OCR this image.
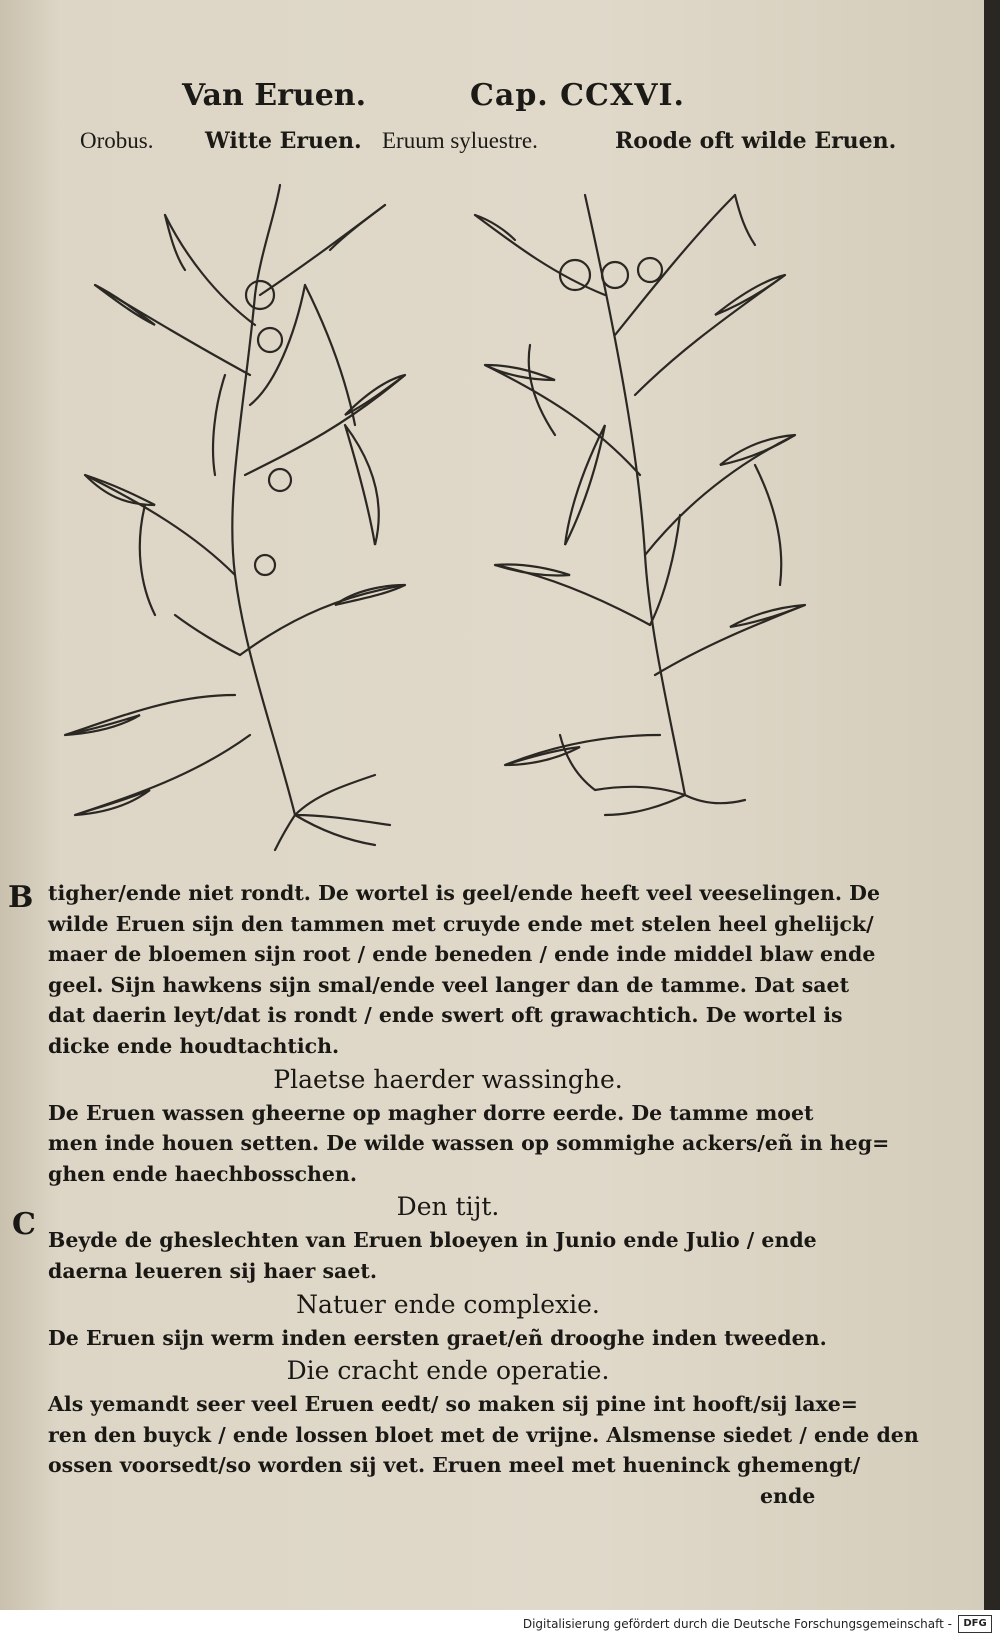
Van Eruen.	Cap. CCXVI.
Orobus. Witte Eruen. Eruum syluestre.	Roode oft wilde Eruen.
B
C
tigher/ende niet rondt. De wortel is geel/ende heeft veel veeselingen. De
wilde Eruen sijn den tammen met cruyde ende met stelen heel ghelijck/
maer de bloemen sijn root / ende beneden / ende inde middel blaw ende
geel. Sijn hawkens sijn smal/ende veel langer dan de tamme. Dat saet
dat daerin leyt/dat is rondt / ende swert oft grawachtich. De wortel is
dicke ende houdtachtich.
Plaetse haerder wassinghe.
De Eruen wassen gheerne op magher dorre eerde. De tamme moet
men inde houen setten. De wilde wassen op sommighe ackers/eñ in heg=
ghen ende haechbosschen.
Den tijt.
Beyde de gheslechten van Eruen bloeyen in Junio ende Julio / ende
daerna leueren sij haer saet.
Natuer ende complexie.
De Eruen sijn werm inden eersten graet/eñ drooghe inden tweeden.
Die cracht ende operatie.
Als yemandt seer veel Eruen eedt/ so maken sij pine int hooft/sij laxe=
ren den buyck / ende lossen bloet met de vrijne. Alsmense siedet / ende den
ossen voorsedt/so worden sij vet. Eruen meel met hueninck ghemengt/
ende
Digitalisierung gefördert durch die Deutsche Forschungsgemeinschaft -	DFG
